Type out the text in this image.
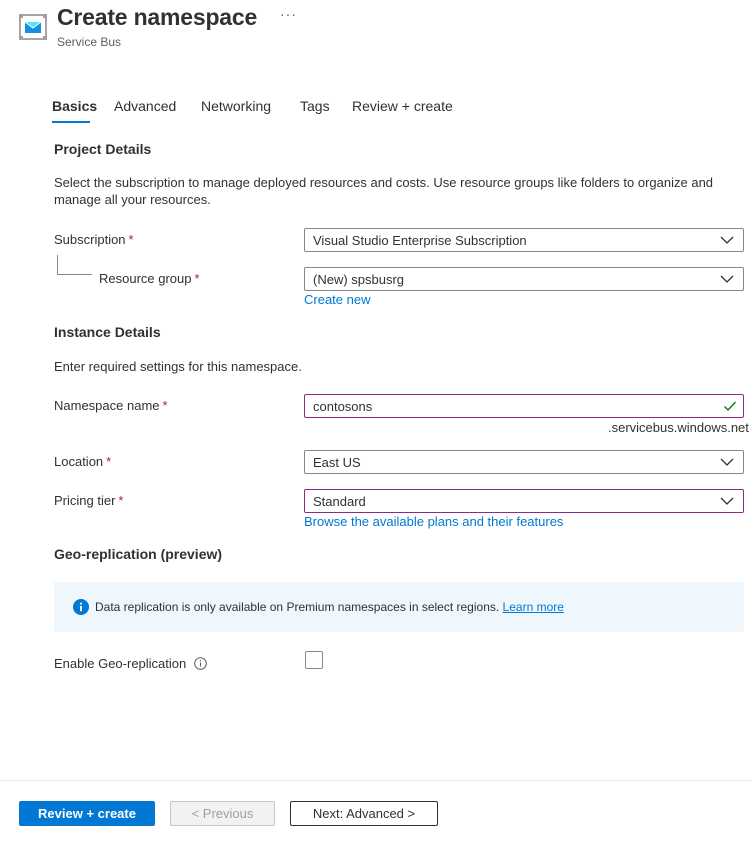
Create namespace ···
Service Bus
Basics Advanced Networking Tags Review + create
Project Details
Select the subscription to manage deployed resources and costs. Use resource groups like folders to organize and manage all your resources.
Subscription *	Visual Studio Enterprise Subscription
Resource group *	(New) spsbusrg
Create new
Instance Details
Enter required settings for this namespace.
Namespace name *	contosons
.servicebus.windows.net
Location *	East US
Pricing tier *	Standard
Browse the available plans and their features
Geo-replication (preview)
Data replication is only available on Premium namespaces in select regions. Learn more
Enable Geo-replication
Review + create	< Previous	Next: Advanced >
